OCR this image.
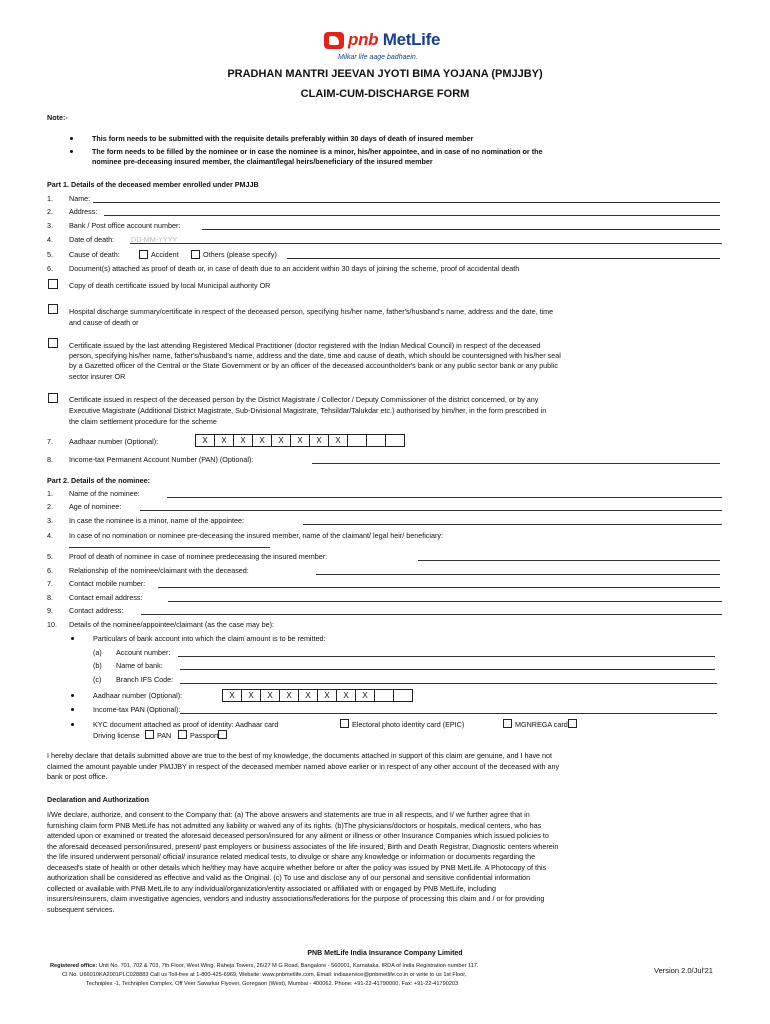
pnb MetLife
Milkar life aage badhaein.
PRADHAN MANTRI JEEVAN JYOTI BIMA YOJANA (PMJJBY)
CLAIM-CUM-DISCHARGE FORM
Note:-
This form needs to be submitted with the requisite details preferably within 30 days of death of insured member
The form needs to be filled by the nominee or in case the nominee is a minor, his/her appointee, and in case of no nomination or the
nominee pre-deceasing insured member, the claimant/legal heirs/beneficiary of the insured member
Part 1. Details of the deceased member enrolled under PMJJB
1. Name:
2. Address:
3. Bank / Post office account number:
4. Date of death: DD-MM-YYYY
5. Cause of death:	Accident	Others (please specify)
6. Document(s) attached as proof of death or, in case of death due to an accident within 30 days of joining the scheme, proof of accidental death
Copy of death certificate issued by local Municipal authority OR
Hospital discharge summary/certificate in respect of the deceased person, specifying his/her name, father's/husband's name, address and the date, time
and cause of death or
Certificate issued by the last attending Registered Medical Practitioner (doctor registered with the Indian Medical Council) in respect of the deceased
person, specifying his/her name, father's/husband's name, address and the date, time and cause of death, which should be countersigned with his/her seal
by a Gazetted officer of the Central or the State Government or by an officer of the deceased accountholder's bank or any public sector bank or any public
sector insurer OR
Certificate issued in respect of the deceased person by the District Magistrate / Collector / Deputy Commissioner of the district concerned, or by any
Executive Magistrate (Additional District Magistrate, Sub-Divisional Magistrate, Tehsildar/Talukdar etc.) authorised by him/her, in the form prescribed in
the claim settlement procedure for the scheme
7. Aadhaar number (Optional):	X	X	X	X	X	X	X	X
8. Income-tax Permanent Account Number (PAN) (Optional):
Part 2. Details of the nominee:
1. Name of the nominee:
2. Age of nominee:
3. In case the nominee is a minor, name of the appointee:
4. In case of no nomination or nominee pre-deceasing the insured member, name of the claimant/ legal heir/ beneficiary:
5. Proof of death of nominee in case of nominee predeceasing the insured member:
6. Relationship of the nominee/claimant with the deceased:
7. Contact mobile number:
8. Contact email address:
9. Contact address:
10. Details of the nominee/appointee/claimant (as the case may be):
Particulars of bank account into which the claim amount is to be remitted:
(a) Account number:
(b) Name of bank:
(c) Branch IFS Code:
Aadhaar number (Optional):	X	X	X	X	X	X	X	X
Income-tax PAN (Optional):
KYC document attached as proof of identity: Aadhaar card	Electoral photo identity card (EPIC)	MGNREGA card
Driving license PAN	Passport
I hereby declare that details submitted above are true to the best of my knowledge, the documents attached in support of this claim are genuine, and I have not
claimed the amount payable under PMJJBY in respect of the deceased member named above earlier or in respect of any other account of the deceased with any
bank or post office.
Declaration and Authorization
I/We declare, authorize, and consent to the Company that: (a) The above answers and statements are true in all respects, and I/ we further agree that in
furnishing claim form PNB MetLife has not admitted any liability or waived any of its rights. (b)The physicians/doctors or hospitals, medical centers, who has
attended upon or examined or treated the aforesaid deceased person/insured for any ailment or illness or other Insurance Companies which issued policies to
the aforesaid deceased person/insured, present/ past employers or business associates of the life insured, Birth and Death Registrar, Diagnostic centers wherein
the life insured underwent personal/ official/ insurance related medical tests, to divulge or share any knowledge or information or documents regarding the
deceased's state of health or other details which he/they may have acquire whether before or after the policy was issued by PNB MetLife. A Photocopy of this
authorization shall be considered as effective and valid as the Original. (c) To use and disclose any of our personal and sensitive confidential information
collected or available with PNB MetLife to any individual/organization/entity associated or affiliated with or engaged by PNB MetLife, including
insurers/reinsurers, claim investigative agencies, vendors and industry associations/federations for the purpose of processing this claim and / or for providing
subsequent services.
PNB MetLife India Insurance Company Limited
Registered office: Unit No. 701, 702 & 703, 7th Floor, West Wing, Raheja Towers, 26/27 M G Road, Bangalore - 560001, Karnataka. IRDA of India Registration number 117.
CI No. U66010KA2001PLC028883 Call us Toll-free at 1-800-425-6969, Website: www.pnbmetlife.com, Email: indiaservice@pnbmetlife.co.in or write to us 1st Floor,
Techniplex -1, Techniplex Complex, Off Veer Savarkar Flyover, Goregaon (West), Mumbai - 400062. Phone: +91-22-41790000, Fax: +91-22-41790203
Version 2.0/Jul'21
